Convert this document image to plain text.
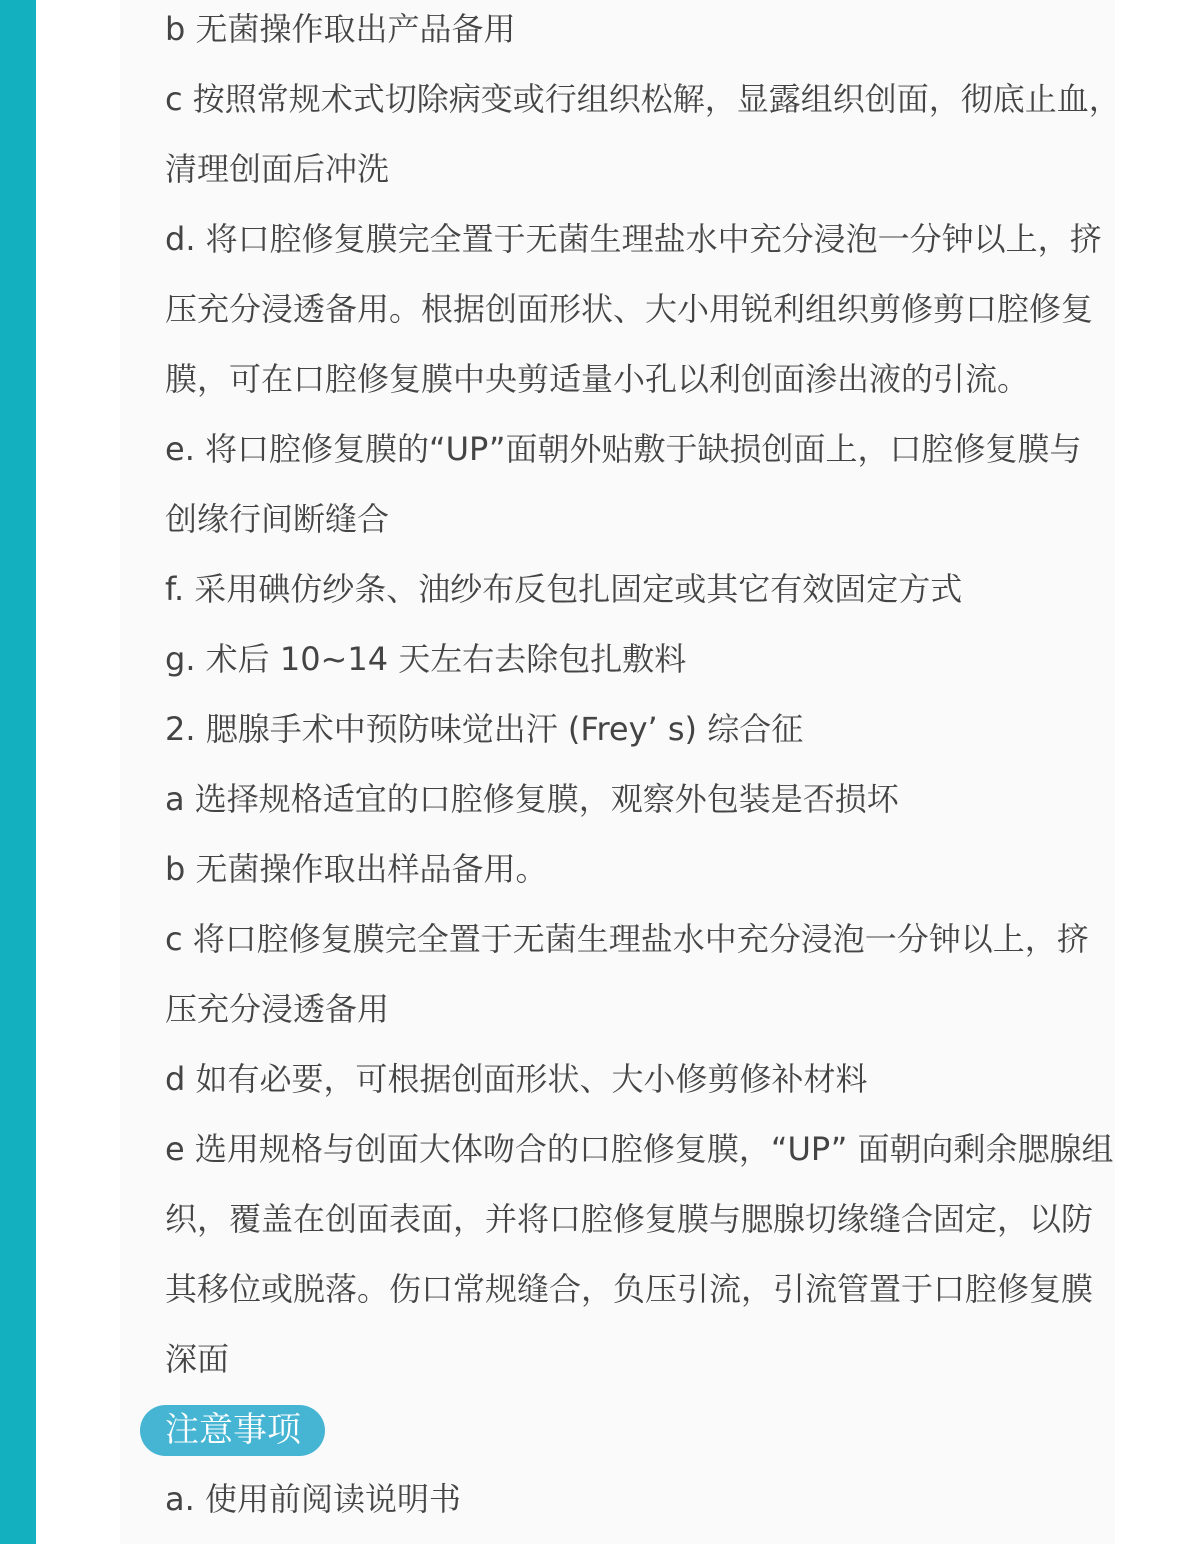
b 无菌操作取出产品备用
c 按照常规术式切除病变或行组织松解，显露组织创面，彻底止血，
清理创面后冲洗
d. 将口腔修复膜完全置于无菌生理盐水中充分浸泡一分钟以上，挤
压充分浸透备用。根据创面形状、大小用锐利组织剪修剪口腔修复
膜，可在口腔修复膜中央剪适量小孔以利创面渗出液的引流。
e. 将口腔修复膜的“UP”面朝外贴敷于缺损创面上，口腔修复膜与
创缘行间断缝合
f. 采用碘仿纱条、油纱布反包扎固定或其它有效固定方式
g. 术后 10~14 天左右去除包扎敷料
2. 腮腺手术中预防味觉出汗 (Frey’ s) 综合征
a 选择规格适宜的口腔修复膜，观察外包装是否损坏
b 无菌操作取出样品备用。
c 将口腔修复膜完全置于无菌生理盐水中充分浸泡一分钟以上，挤
压充分浸透备用
d 如有必要，可根据创面形状、大小修剪修补材料
e 选用规格与创面大体吻合的口腔修复膜，“UP” 面朝向剩余腮腺组
织，覆盖在创面表面，并将口腔修复膜与腮腺切缘缝合固定，以防
其移位或脱落。伤口常规缝合，负压引流，引流管置于口腔修复膜
深面
注意事项
a. 使用前阅读说明书
